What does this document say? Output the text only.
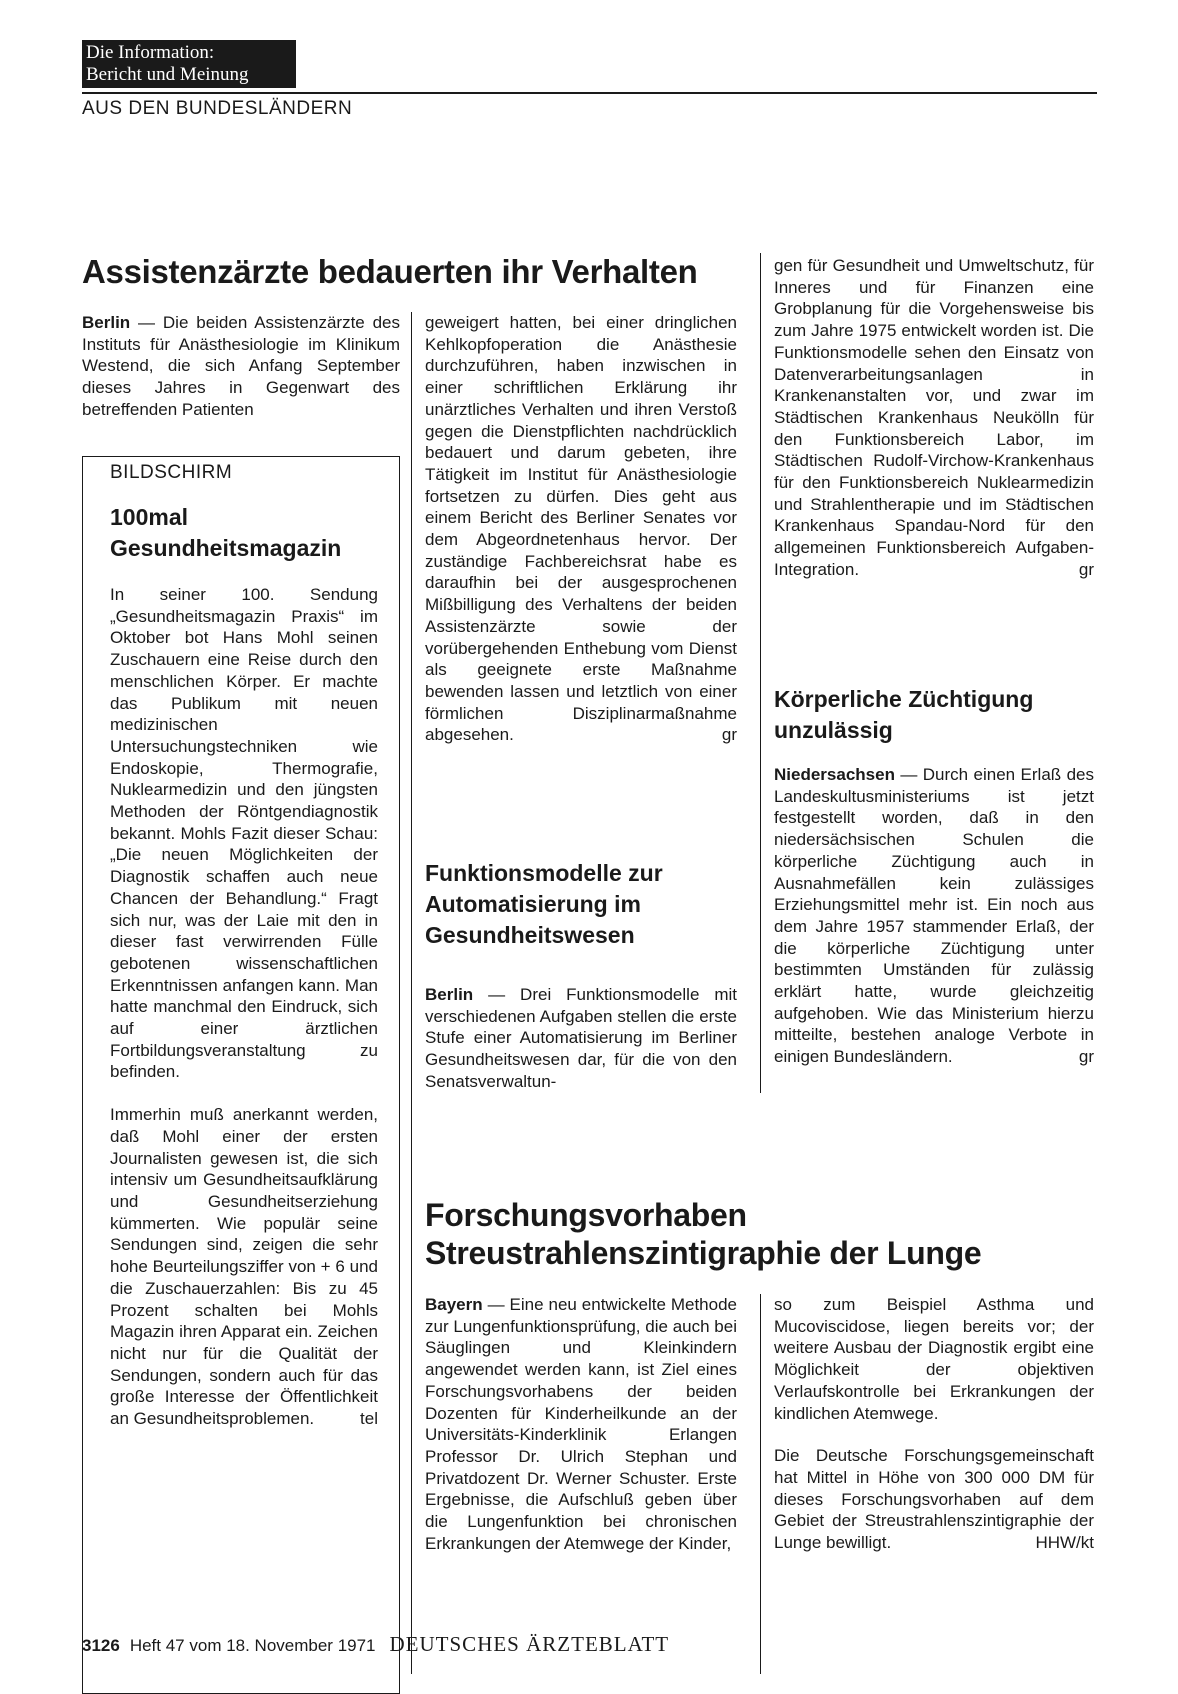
Die Information:
Bericht und Meinung
AUS DEN BUNDESLÄNDERN
Assistenzärzte bedauerten ihr Verhalten

Berlin — Die beiden Assistenzärzte des Instituts für Anästhesiologie im Klinikum Westend, die sich Anfang September dieses Jahres in Gegenwart des betreffenden Patienten

geweigert hatten, bei einer dringlichen Kehlkopfoperation die Anästhesie durchzuführen, haben inzwischen in einer schriftlichen Erklärung ihr unärztliches Verhalten und ihren Verstoß gegen die Dienstpflichten nachdrücklich bedauert und darum gebeten, ihre Tätigkeit im Institut für Anästhesiologie fortsetzen zu dürfen. Dies geht aus einem Bericht des Berliner Senates vor dem Abgeordnetenhaus hervor. Der zuständige Fachbereichsrat habe es daraufhin bei der ausgesprochenen Mißbilligung des Verhaltens der beiden Assistenzärzte sowie der vorübergehenden Enthebung vom Dienst als geeignete erste Maßnahme bewenden lassen und letztlich von einer förmlichen Disziplinarmaßnahme abgesehen.	gr
BILDSCHIRM
100mal Gesundheitsmagazin

In seiner 100. Sendung „Gesundheitsmagazin Praxis“ im Oktober bot Hans Mohl seinen Zuschauern eine Reise durch den menschlichen Körper. Er machte das Publikum mit neuen medizinischen Untersuchungstechniken wie Endoskopie, Thermografie, Nuklearmedizin und den jüngsten Methoden der Röntgendiagnostik bekannt. Mohls Fazit dieser Schau: „Die neuen Möglichkeiten der Diagnostik schaffen auch neue Chancen der Behandlung.“ Fragt sich nur, was der Laie mit den in dieser fast verwirrenden Fülle gebotenen wissenschaftlichen Erkenntnissen anfangen kann. Man hatte manchmal den Eindruck, sich auf einer ärztlichen Fortbildungsveranstaltung zu befinden.

Immerhin muß anerkannt werden, daß Mohl einer der ersten Journalisten gewesen ist, die sich intensiv um Gesundheitsaufklärung und Gesundheitserziehung kümmerten. Wie populär seine Sendungen sind, zeigen die sehr hohe Beurteilungsziffer von + 6 und die Zuschauerzahlen: Bis zu 45 Prozent schalten bei Mohls Magazin ihren Apparat ein. Zeichen nicht nur für die Qualität der Sendungen, sondern auch für das große Interesse der Öffentlichkeit an Gesundheitsproblemen.	tel
Funktionsmodelle zur Automatisierung im Gesundheitswesen

Berlin — Drei Funktionsmodelle mit verschiedenen Aufgaben stellen die erste Stufe einer Automatisierung im Berliner Gesundheitswesen dar, für die von den Senatsverwaltun-

gen für Gesundheit und Umweltschutz, für Inneres und für Finanzen eine Grobplanung für die Vorgehensweise bis zum Jahre 1975 entwickelt worden ist. Die Funktionsmodelle sehen den Einsatz von Datenverarbeitungsanlagen in Krankenanstalten vor, und zwar im Städtischen Krankenhaus Neukölln für den Funktionsbereich Labor, im Städtischen Rudolf-Virchow-Krankenhaus für den Funktionsbereich Nuklearmedizin und Strahlentherapie und im Städtischen Krankenhaus Spandau-Nord für den allgemeinen Funktionsbereich Aufgaben-Integration.	gr
Körperliche Züchtigung unzulässig

Niedersachsen — Durch einen Erlaß des Landeskultusministeriums ist jetzt festgestellt worden, daß in den niedersächsischen Schulen die körperliche Züchtigung auch in Ausnahmefällen kein zulässiges Erziehungsmittel mehr ist. Ein noch aus dem Jahre 1957 stammender Erlaß, der die körperliche Züchtigung unter bestimmten Umständen für zulässig erklärt hatte, wurde gleichzeitig aufgehoben. Wie das Ministerium hierzu mitteilte, bestehen analoge Verbote in einigen Bundesländern.	gr
Forschungsvorhaben Streustrahlenszintigraphie der Lunge

Bayern — Eine neu entwickelte Methode zur Lungenfunktionsprüfung, die auch bei Säuglingen und Kleinkindern angewendet werden kann, ist Ziel eines Forschungsvorhabens der beiden Dozenten für Kinderheilkunde an der Universitäts-Kinderklinik Erlangen Professor Dr. Ulrich Stephan und Privatdozent Dr. Werner Schuster. Erste Ergebnisse, die Aufschluß geben über die Lungenfunktion bei chronischen Erkrankungen der Atemwege der Kinder,

so zum Beispiel Asthma und Mucoviscidose, liegen bereits vor; der weitere Ausbau der Diagnostik ergibt eine Möglichkeit der objektiven Verlaufskontrolle bei Erkrankungen der kindlichen Atemwege.

Die Deutsche Forschungsgemeinschaft hat Mittel in Höhe von 300 000 DM für dieses Forschungsvorhaben auf dem Gebiet der Streustrahlenszintigraphie der Lunge bewilligt.	HHW/kt
3126 Heft 47 vom 18. November 1971 DEUTSCHES ÄRZTEBLATT
